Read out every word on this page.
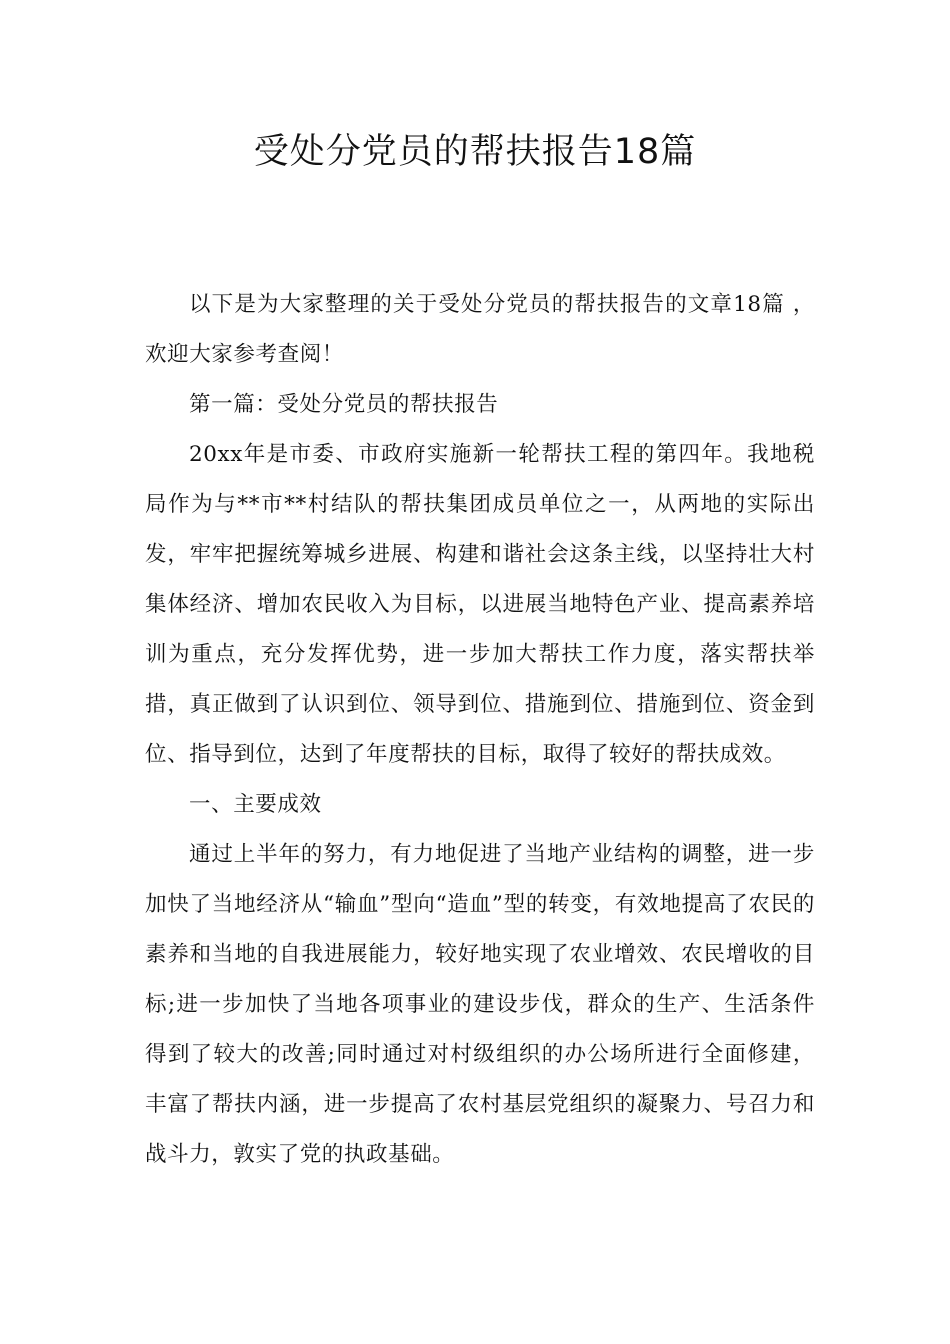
受处分党员的帮扶报告18篇

以下是为大家整理的关于受处分党员的帮扶报告的文章18篇 ，欢迎大家参考查阅！

第一篇：受处分党员的帮扶报告

20xx年是市委、市政府实施新一轮帮扶工程的第四年。我地税局作为与**市**村结队的帮扶集团成员单位之一，从两地的实际出发，牢牢把握统筹城乡进展、构建和谐社会这条主线，以坚持壮大村集体经济、增加农民收入为目标，以进展当地特色产业、提高素养培训为重点，充分发挥优势，进一步加大帮扶工作力度，落实帮扶举措，真正做到了认识到位、领导到位、措施到位、措施到位、资金到位、指导到位，达到了年度帮扶的目标，取得了较好的帮扶成效。

一、主要成效

通过上半年的努力，有力地促进了当地产业结构的调整，进一步加快了当地经济从“输血”型向“造血”型的转变，有效地提高了农民的素养和当地的自我进展能力，较好地实现了农业增效、农民增收的目标;进一步加快了当地各项事业的建设步伐，群众的生产、生活条件得到了较大的改善;同时通过对村级组织的办公场所进行全面修建，丰富了帮扶内涵，进一步提高了农村基层党组织的凝聚力、号召力和战斗力，敦实了党的执政基础。
